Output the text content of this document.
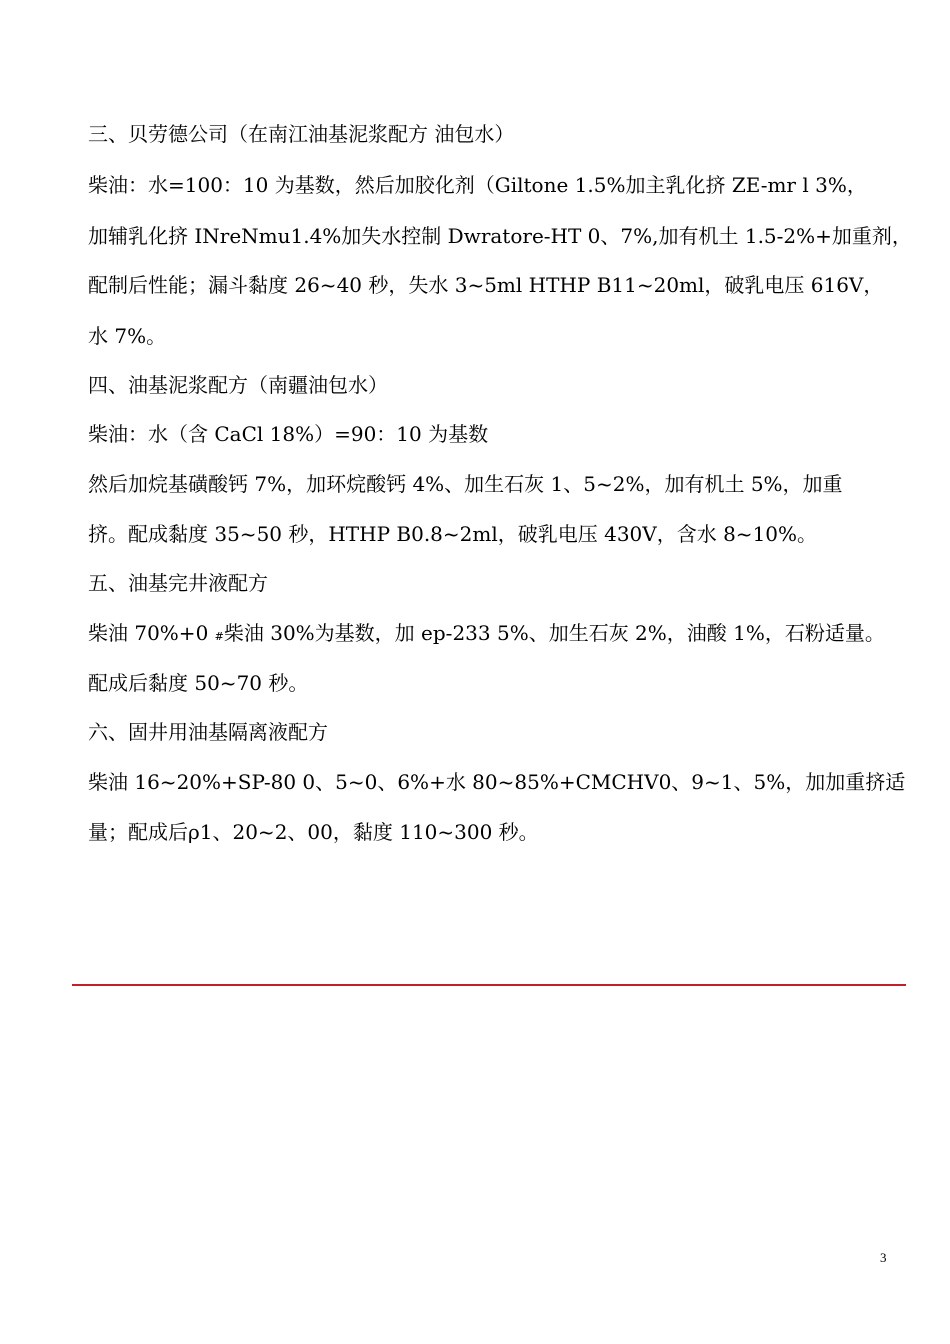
三、贝劳德公司（在南江油基泥浆配方 油包水）
柴油：水=100：10 为基数，然后加胶化剂（Giltone 1.5%加主乳化挤 ZE-mr l 3%，
加辅乳化挤 INreNmu1.4%加失水控制 Dwratore-HT 0、7%,加有机土 1.5-2%+加重剂，
配制后性能；漏斗黏度 26~40 秒，失水 3~5ml HTHP B11~20ml，破乳电压 616V，
水 7%。
四、油基泥浆配方（南疆油包水）
柴油：水（含 CaCl 18%）=90：10 为基数
然后加烷基磺酸钙 7%，加环烷酸钙 4%、加生石灰 1、5~2%，加有机土 5%，加重
挤。配成黏度 35~50 秒，HTHP B0.8~2ml，破乳电压 430V，含水 8~10%。
五、油基完井液配方
柴油 70%+0 #柴油 30%为基数，加 ep-233 5%、加生石灰 2%，油酸 1%，石粉适量。
配成后黏度 50~70 秒。
六、固井用油基隔离液配方
柴油 16~20%+SP-80 0、5~0、6%+水 80~85%+CMCHV0、9~1、5%，加加重挤适
量；配成后ρ1、20~2、00，黏度 110~300 秒。
3
